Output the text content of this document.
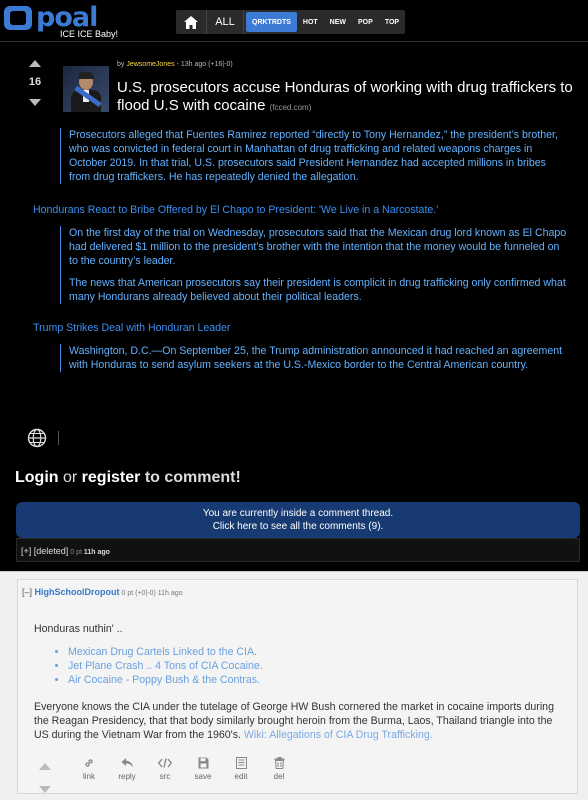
poal
ICE ICE Baby!
ALL	QRKTRDTS	HOT	NEW	POP	TOP
16
by JewsomeJones - 13h ago (+16|-0)
U.S. prosecutors accuse Honduras of working with drug traffickers to flood U.S with cocaine (fcced.com)

Prosecutors alleged that Fuentes Ramirez reported “directly to Tony Hernandez,” the president’s brother, who was convicted in federal court in Manhattan of drug trafficking and related weapons charges in October 2019. In that trial, U.S. prosecutors said President Hernandez had accepted millions in bribes from drug traffickers. He has repeatedly denied the allegation.

Hondurans React to Bribe Offered by El Chapo to President: 'We Live in a Narcostate.'

On the first day of the trial on Wednesday, prosecutors said that the Mexican drug lord known as El Chapo had delivered $1 million to the president’s brother with the intention that the money would be funneled on to the country’s leader.

The news that American prosecutors say their president is complicit in drug trafficking only confirmed what many Hondurans already believed about their political leaders.

Trump Strikes Deal with Honduran Leader

Washington, D.C.—On September 25, the Trump administration announced it had reached an agreement with Honduras to send asylum seekers at the U.S.-Mexico border to the Central American country.

Login or register to comment!
You are currently inside a comment thread.
Click here to see all the comments (9).
[+] [deleted] 0 pt 11h ago
[–] HighSchoolDropout 0 pt (+0|-0) 11h ago
Honduras nuthin' ..
• Mexican Drug Cartels Linked to the CIA.
• Jet Plane Crash .. 4 Tons of CIA Cocaine.
• Air Cocaine - Poppy Bush & the Contras.
Everyone knows the CIA under the tutelage of George HW Bush cornered the market in cocaine imports during the Reagan Presidency, that that body similarly brought heroin from the Burma, Laos, Thailand triangle into the US during the Vietnam War from the 1960's. Wiki: Allegations of CIA Drug Trafficking.
link	reply	src	save	edit	del
